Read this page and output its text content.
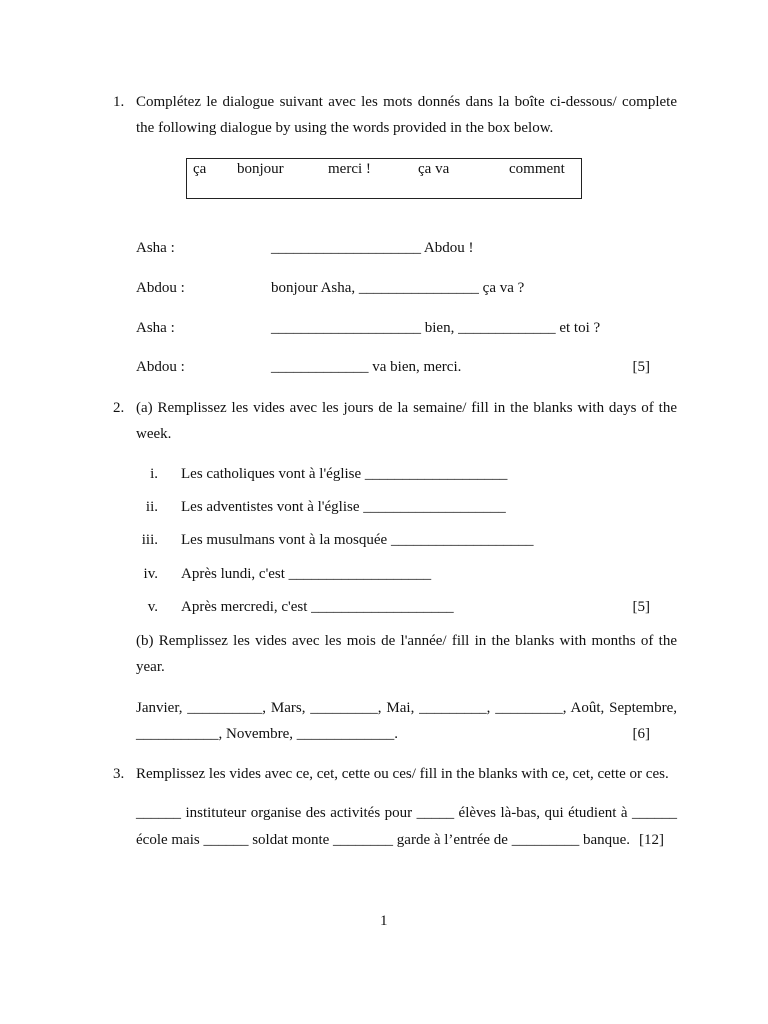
1. Complétez le dialogue suivant avec les mots donnés dans la boîte ci-dessous/ complete the following dialogue by using the words provided in the box below.
ça bonjour	merci !	ça va	comment
Asha :	____________________ Abdou !
Abdou :	bonjour Asha, ________________ ça va ?
Asha :	____________________ bien, _____________ et toi ?
Abdou :	_____________ va bien, merci.	[5]
2. (a) Remplissez les vides avec les jours de la semaine/ fill in the blanks with days of the week.
i. Les catholiques vont à l'église ___________________
ii. Les adventistes vont à l'église ___________________
iii. Les musulmans vont à la mosquée ___________________
iv. Après lundi, c'est ___________________
v. Après mercredi, c'est ___________________	[5]
(b) Remplissez les vides avec les mois de l'année/ fill in the blanks with months of the year.
Janvier, __________, Mars, _________, Mai, _________, _________, Août, Septembre,
___________, Novembre, _____________.	[6]
3. Remplissez les vides avec ce, cet, cette ou ces/ fill in the blanks with ce, cet, cette or ces.
______ instituteur organise des activités pour _____ élèves là-bas, qui étudient à ______
école mais ______ soldat monte ________ garde à l’entrée de _________ banque. [12]
1
